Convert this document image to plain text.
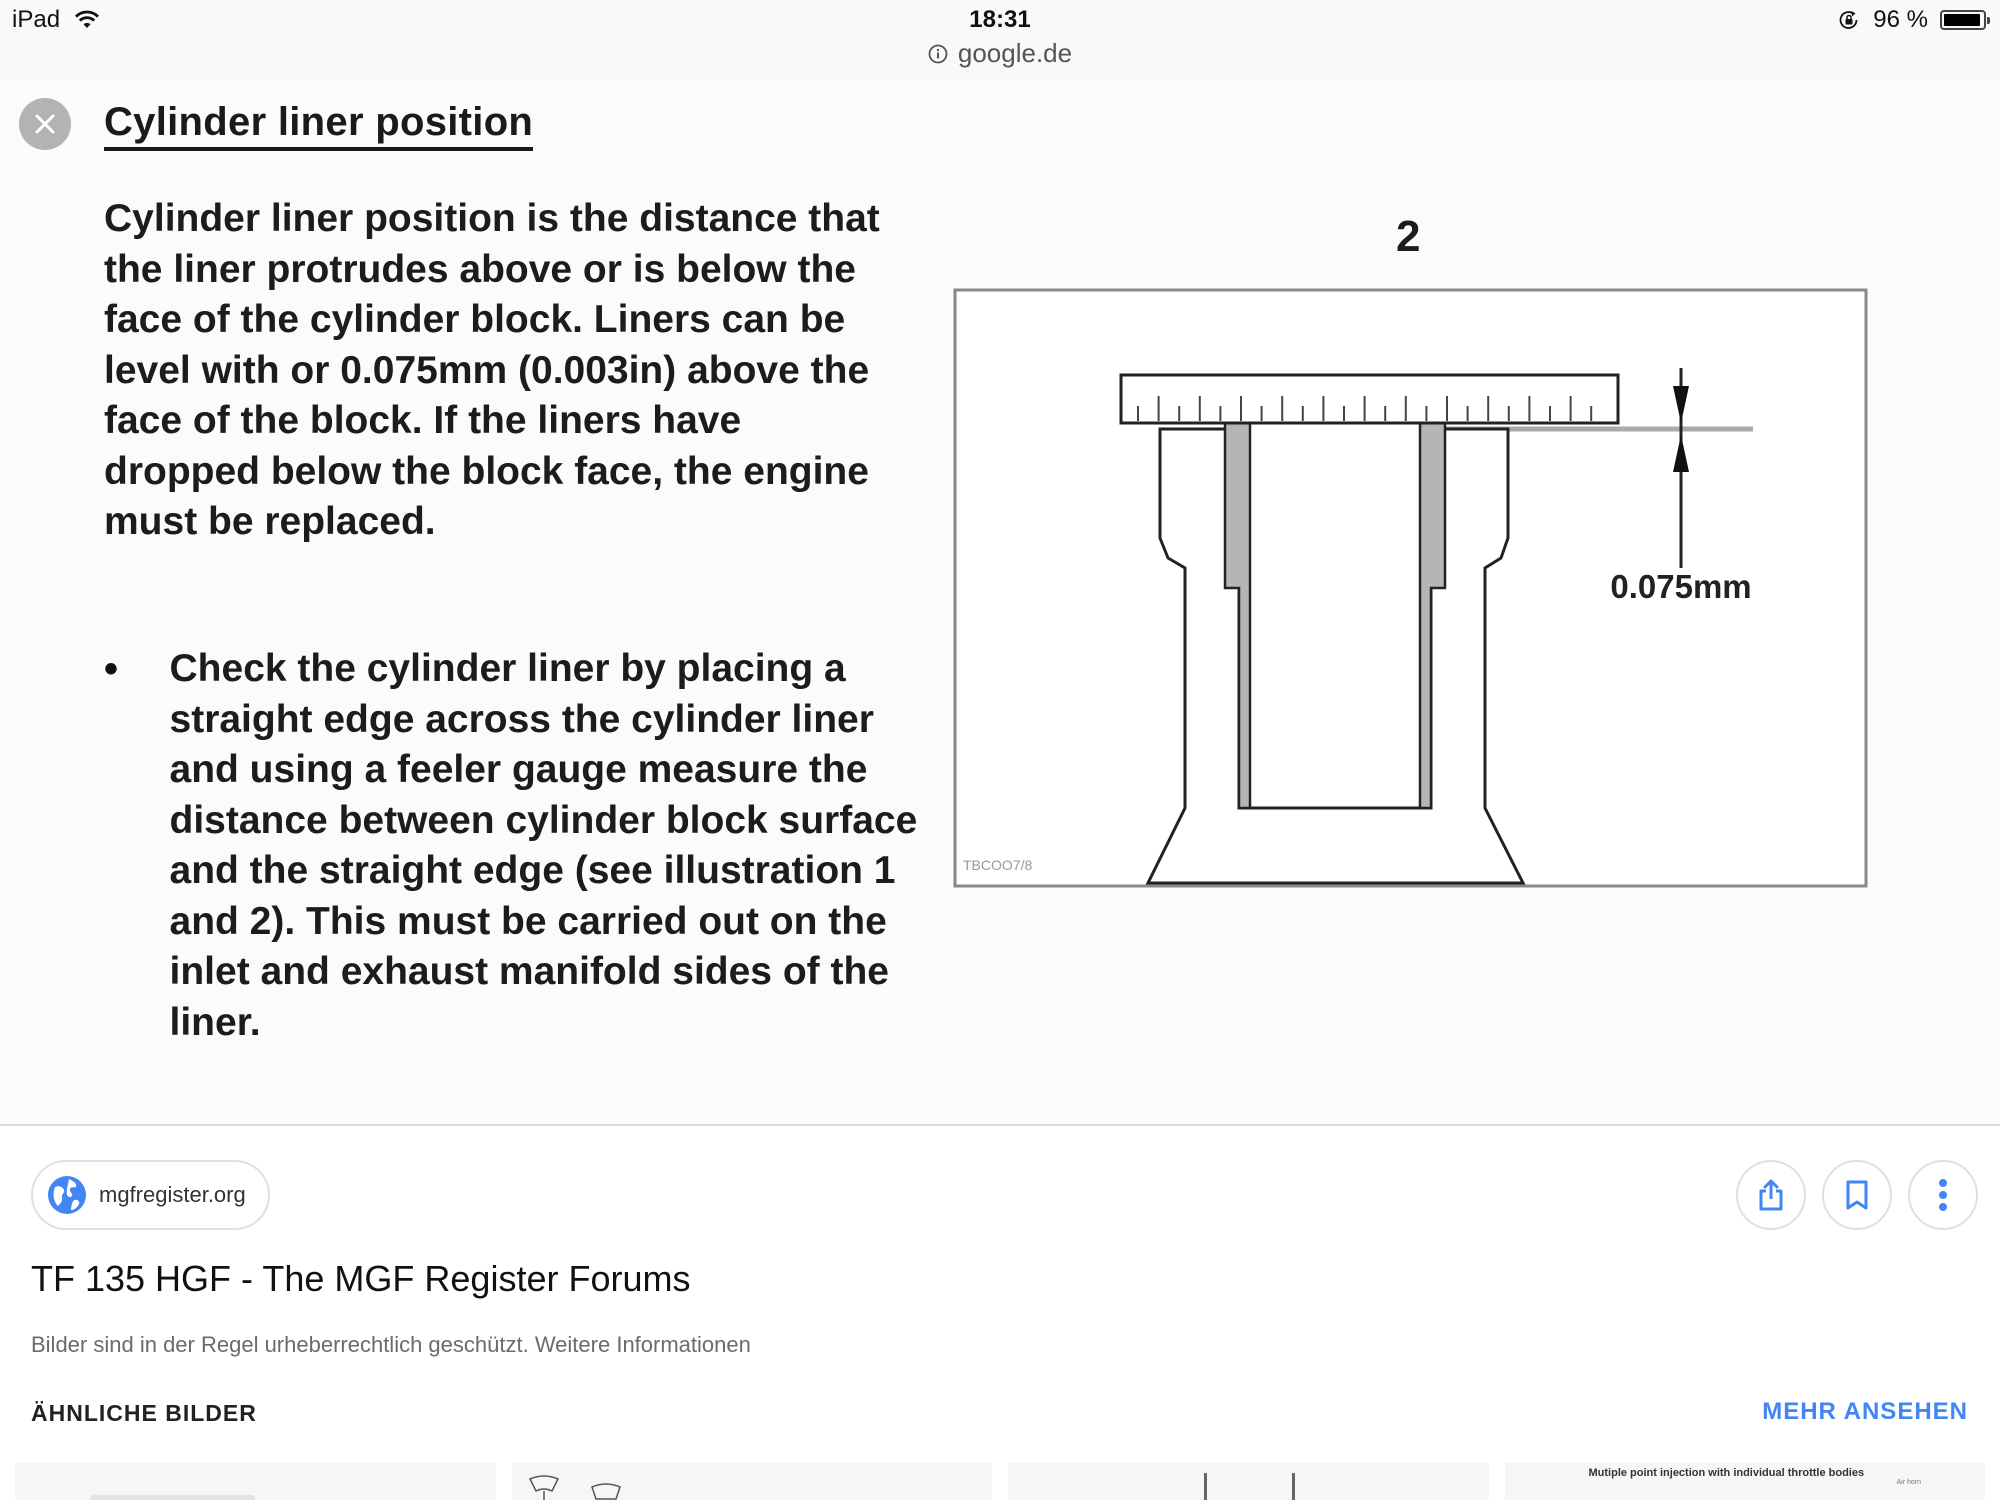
iPad	18:31
google.de
96 %
Cylinder liner position
Cylinder liner position is the distance that the liner protrudes above or is below the face of the cylinder block. Liners can be level with or 0.075mm (0.003in) above the face of the block. If the liners have dropped below the block face, the engine must be replaced.
•	Check the cylinder liner by placing a straight edge across the cylinder liner and using a feeler gauge measure the distance between cylinder block surface and the straight edge (see illustration 1 and 2). This must be carried out on the inlet and exhaust manifold sides of the liner.
2
0.075mm
TBCOO7/8
mgfregister.org
TF 135 HGF - The MGF Register Forums
Bilder sind in der Regel urheberrechtlich geschützt. Weitere Informationen
ÄHNLICHE BILDER	MEHR ANSEHEN
Mutiple point injection with individual throttle bodies
Air horn
